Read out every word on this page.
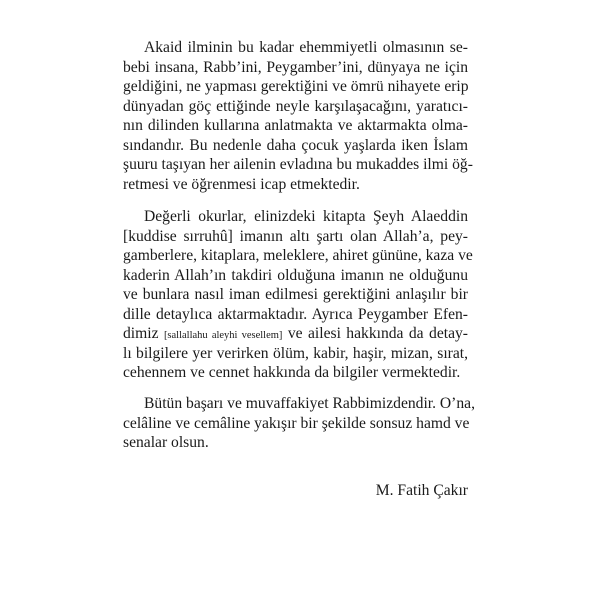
Akaid ilminin bu kadar ehemmiyetli olmasının se-
bebi insana, Rabb’ini, Peygamber’ini, dünyaya ne için
geldiğini, ne yapması gerektiğini ve ömrü nihayete erip
dünyadan göç ettiğinde neyle karşılaşacağını, yaratıcı-
nın dilinden kullarına anlatmakta ve aktarmakta olma-
sındandır. Bu nedenle daha çocuk yaşlarda iken İslam
şuuru taşıyan her ailenin evladına bu mukaddes ilmi öğ-
retmesi ve öğrenmesi icap etmektedir.
Değerli okurlar, elinizdeki kitapta Şeyh Alaeddin
[kuddise sırruhû] imanın altı şartı olan Allah’a, pey-
gamberlere, kitaplara, meleklere, ahiret gününe, kaza ve
kaderin Allah’ın takdiri olduğuna imanın ne olduğunu
ve bunlara nasıl iman edilmesi gerektiğini anlaşılır bir
dille detaylıca aktarmaktadır. Ayrıca Peygamber Efen-
dimiz [sallallahu aleyhi vesellem] ve ailesi hakkında da detay-
lı bilgilere yer verirken ölüm, kabir, haşir, mizan, sırat,
cehennem ve cennet hakkında da bilgiler vermektedir.
Bütün başarı ve muvaffakiyet Rabbimizdendir. O’na,
celâline ve cemâline yakışır bir şekilde sonsuz hamd ve
senalar olsun.
M. Fatih Çakır
